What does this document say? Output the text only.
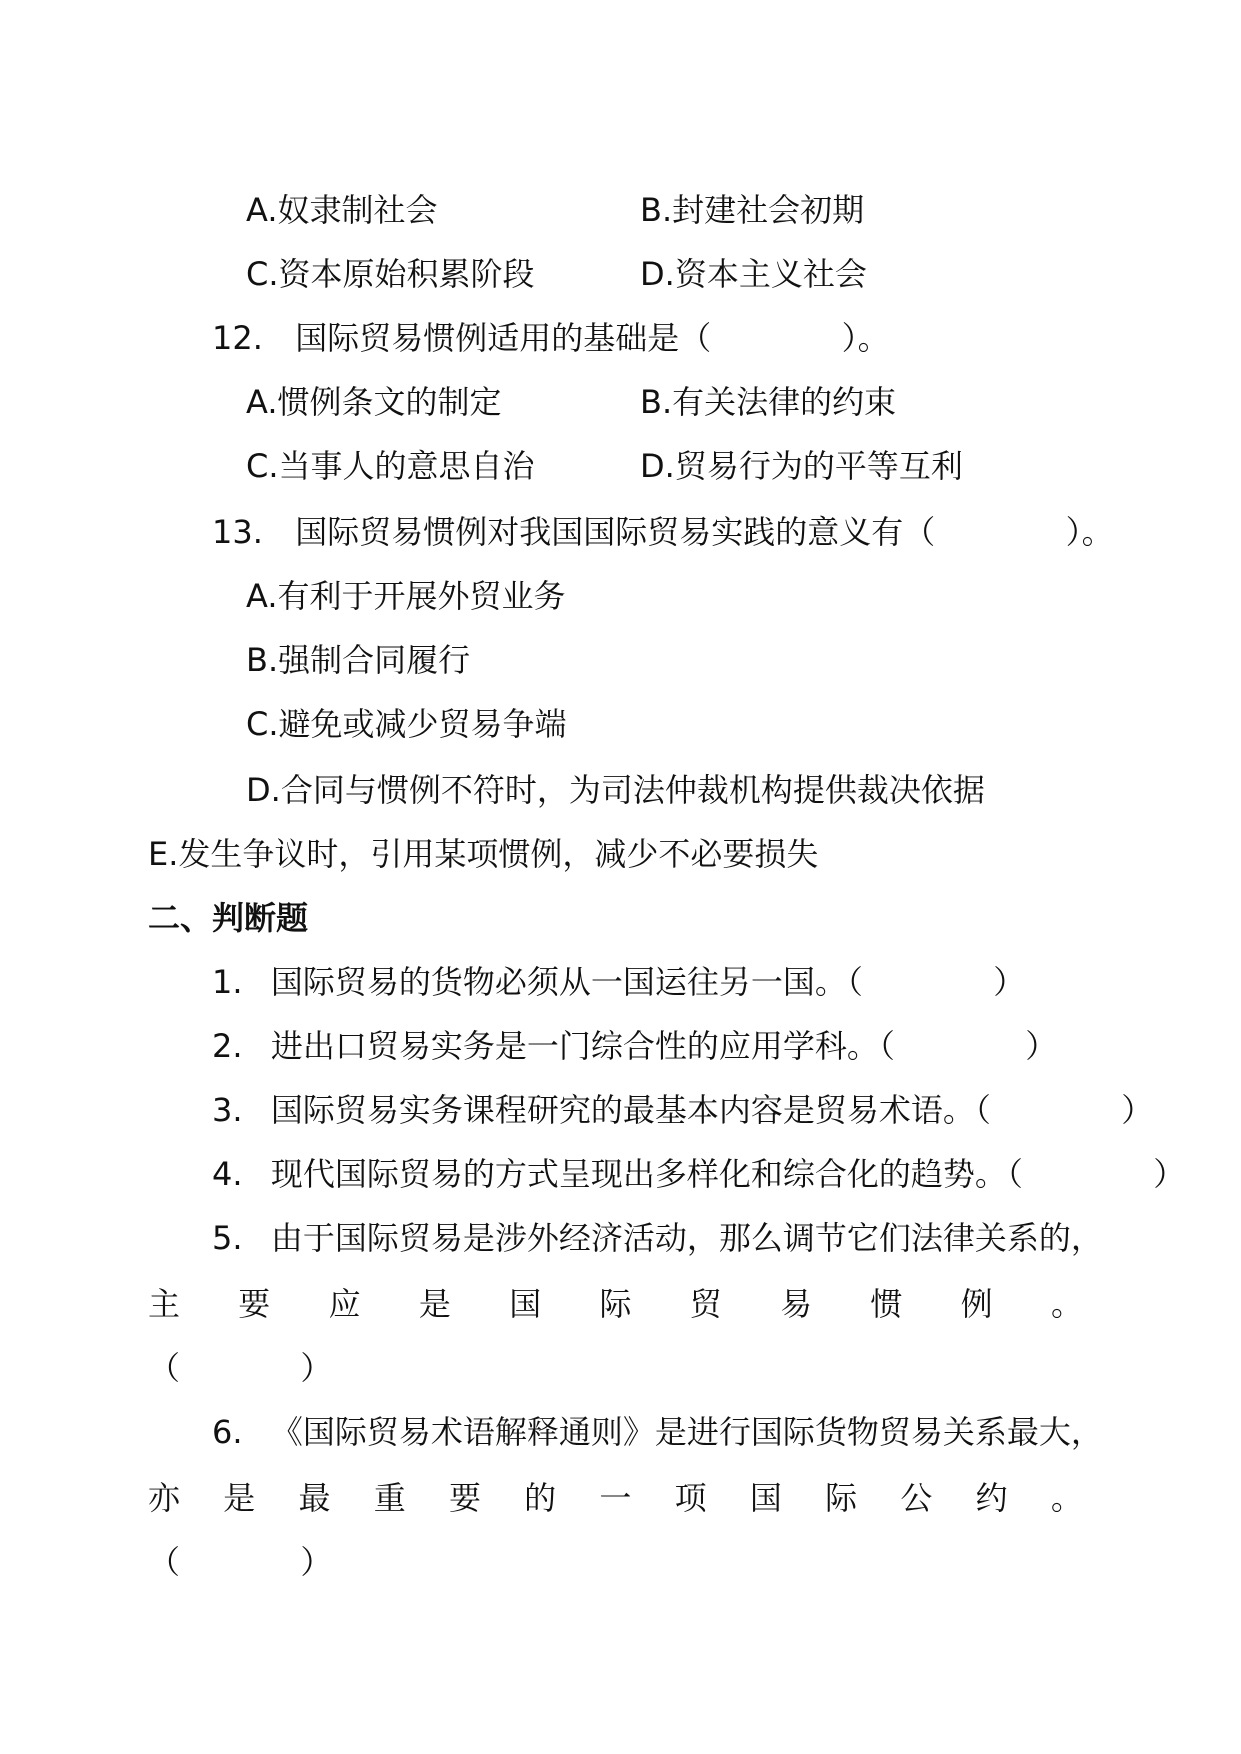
A.奴隶制社会	B.封建社会初期
C.资本原始积累阶段	D.资本主义社会
12. 国际贸易惯例适用的基础是（	）。
A.惯例条文的制定	B.有关法律的约束
C.当事人的意思自治	D.贸易行为的平等互利
13. 国际贸易惯例对我国国际贸易实践的意义有（	）。
A.有利于开展外贸业务
B.强制合同履行
C.避免或减少贸易争端
D.合同与惯例不符时，为司法仲裁机构提供裁决依据
E.发生争议时，引用某项惯例，减少不必要损失
二、判断题
1. 国际贸易的货物必须从一国运往另一国。（	）
2. 进出口贸易实务是一门综合性的应用学科。（	）
3. 国际贸易实务课程研究的最基本内容是贸易术语。（	）
4. 现代国际贸易的方式呈现出多样化和综合化的趋势。（	）
5. 由于国际贸易是涉外经济活动，那么调节它们法律关系的，
主 要 应 是 国 际 贸 易 惯 例 。
（	）
6. 《国际贸易术语解释通则》是进行国际货物贸易关系最大，
亦 是 最 重 要 的 一 项 国 际 公 约 。
（	）
